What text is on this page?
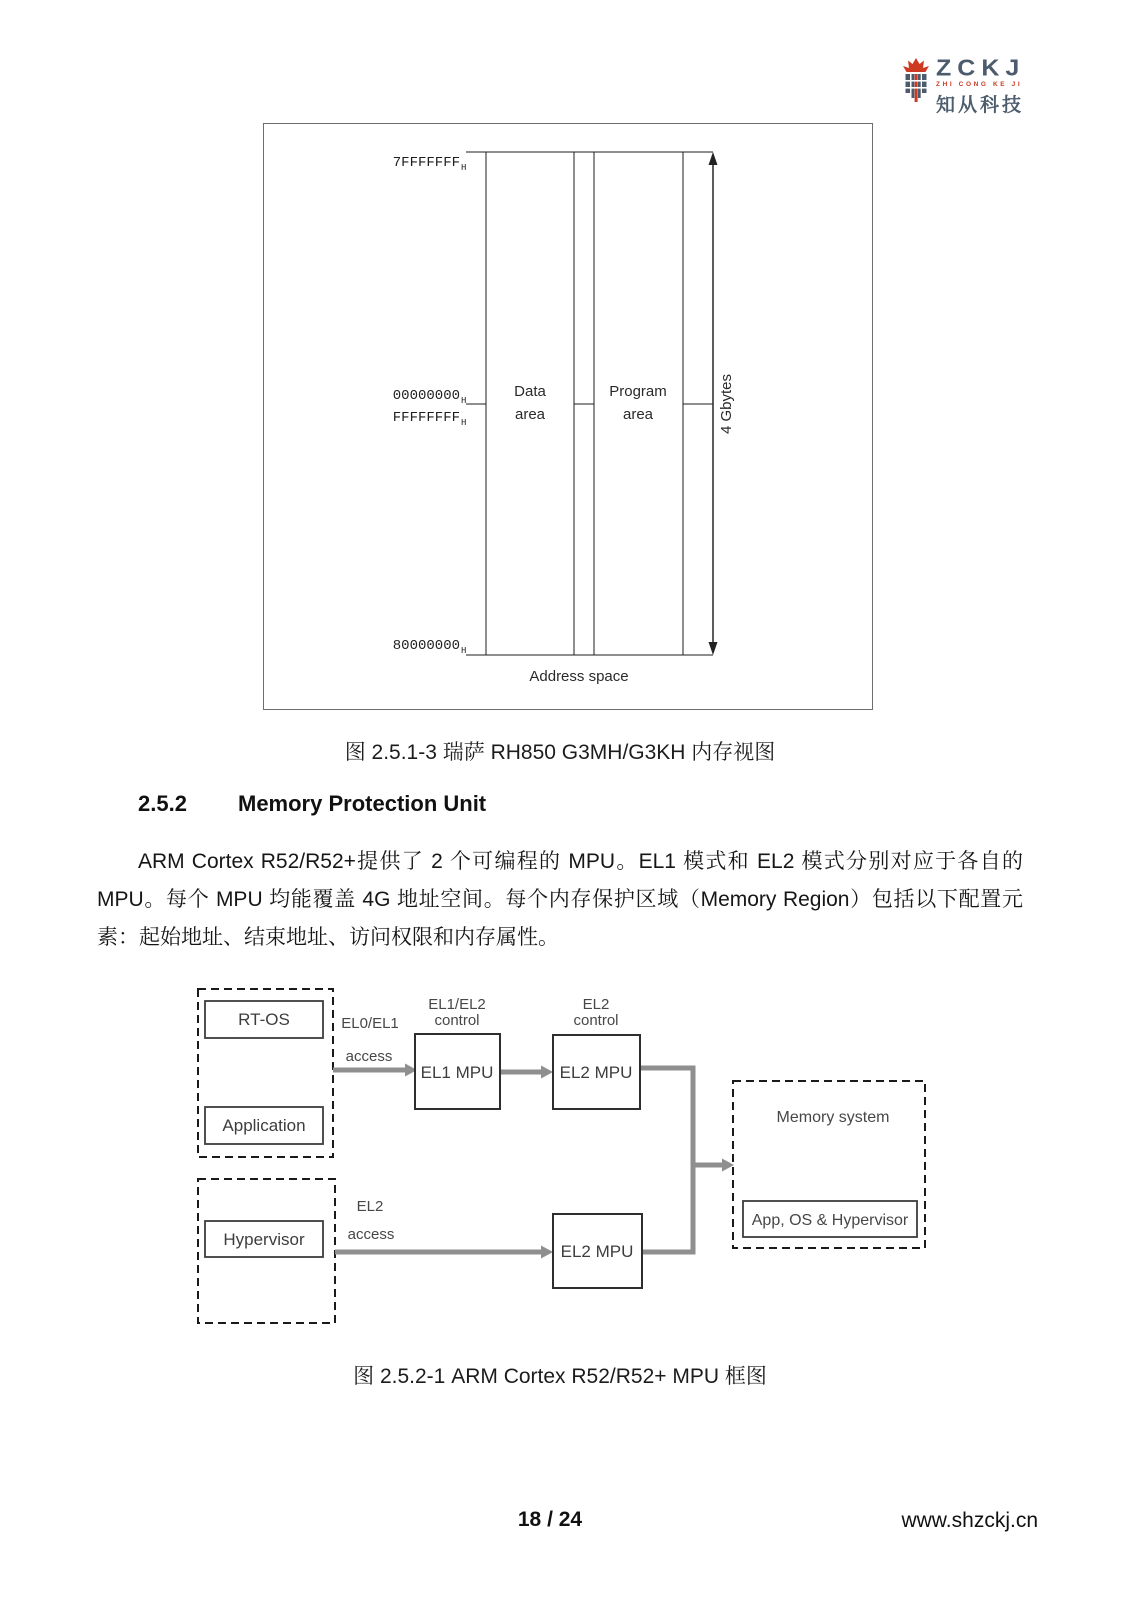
ZCKJ
ZHI CONG KE JI
知从科技
7FFFFFFF H
00000000 H
FFFFFFFF H
80000000 H
Data
area
Program
area	4 Gbytes
Address space
图 2.5.1-3 瑞萨 RH850 G3MH/G3KH 内存视图
2.5.2 Memory Protection Unit
ARM Cortex R52/R52+提供了 2 个可编程的 MPU。EL1 模式和 EL2 模式分别对应于各自的 MPU。每个 MPU 均能覆盖 4G 地址空间。每个内存保护区域（Memory Region）包括以下配置元素：起始地址、结束地址、访问权限和内存属性。
RT-OS
Application
Hypervisor
EL1 MPU	EL2 MPU
EL2 MPU
Memory system
App, OS & Hypervisor
EL0/EL1
access
EL1/EL2
control
EL2
control
EL2
access
图 2.5.2-1 ARM Cortex R52/R52+ MPU 框图
18 / 24	www.shzckj.cn
